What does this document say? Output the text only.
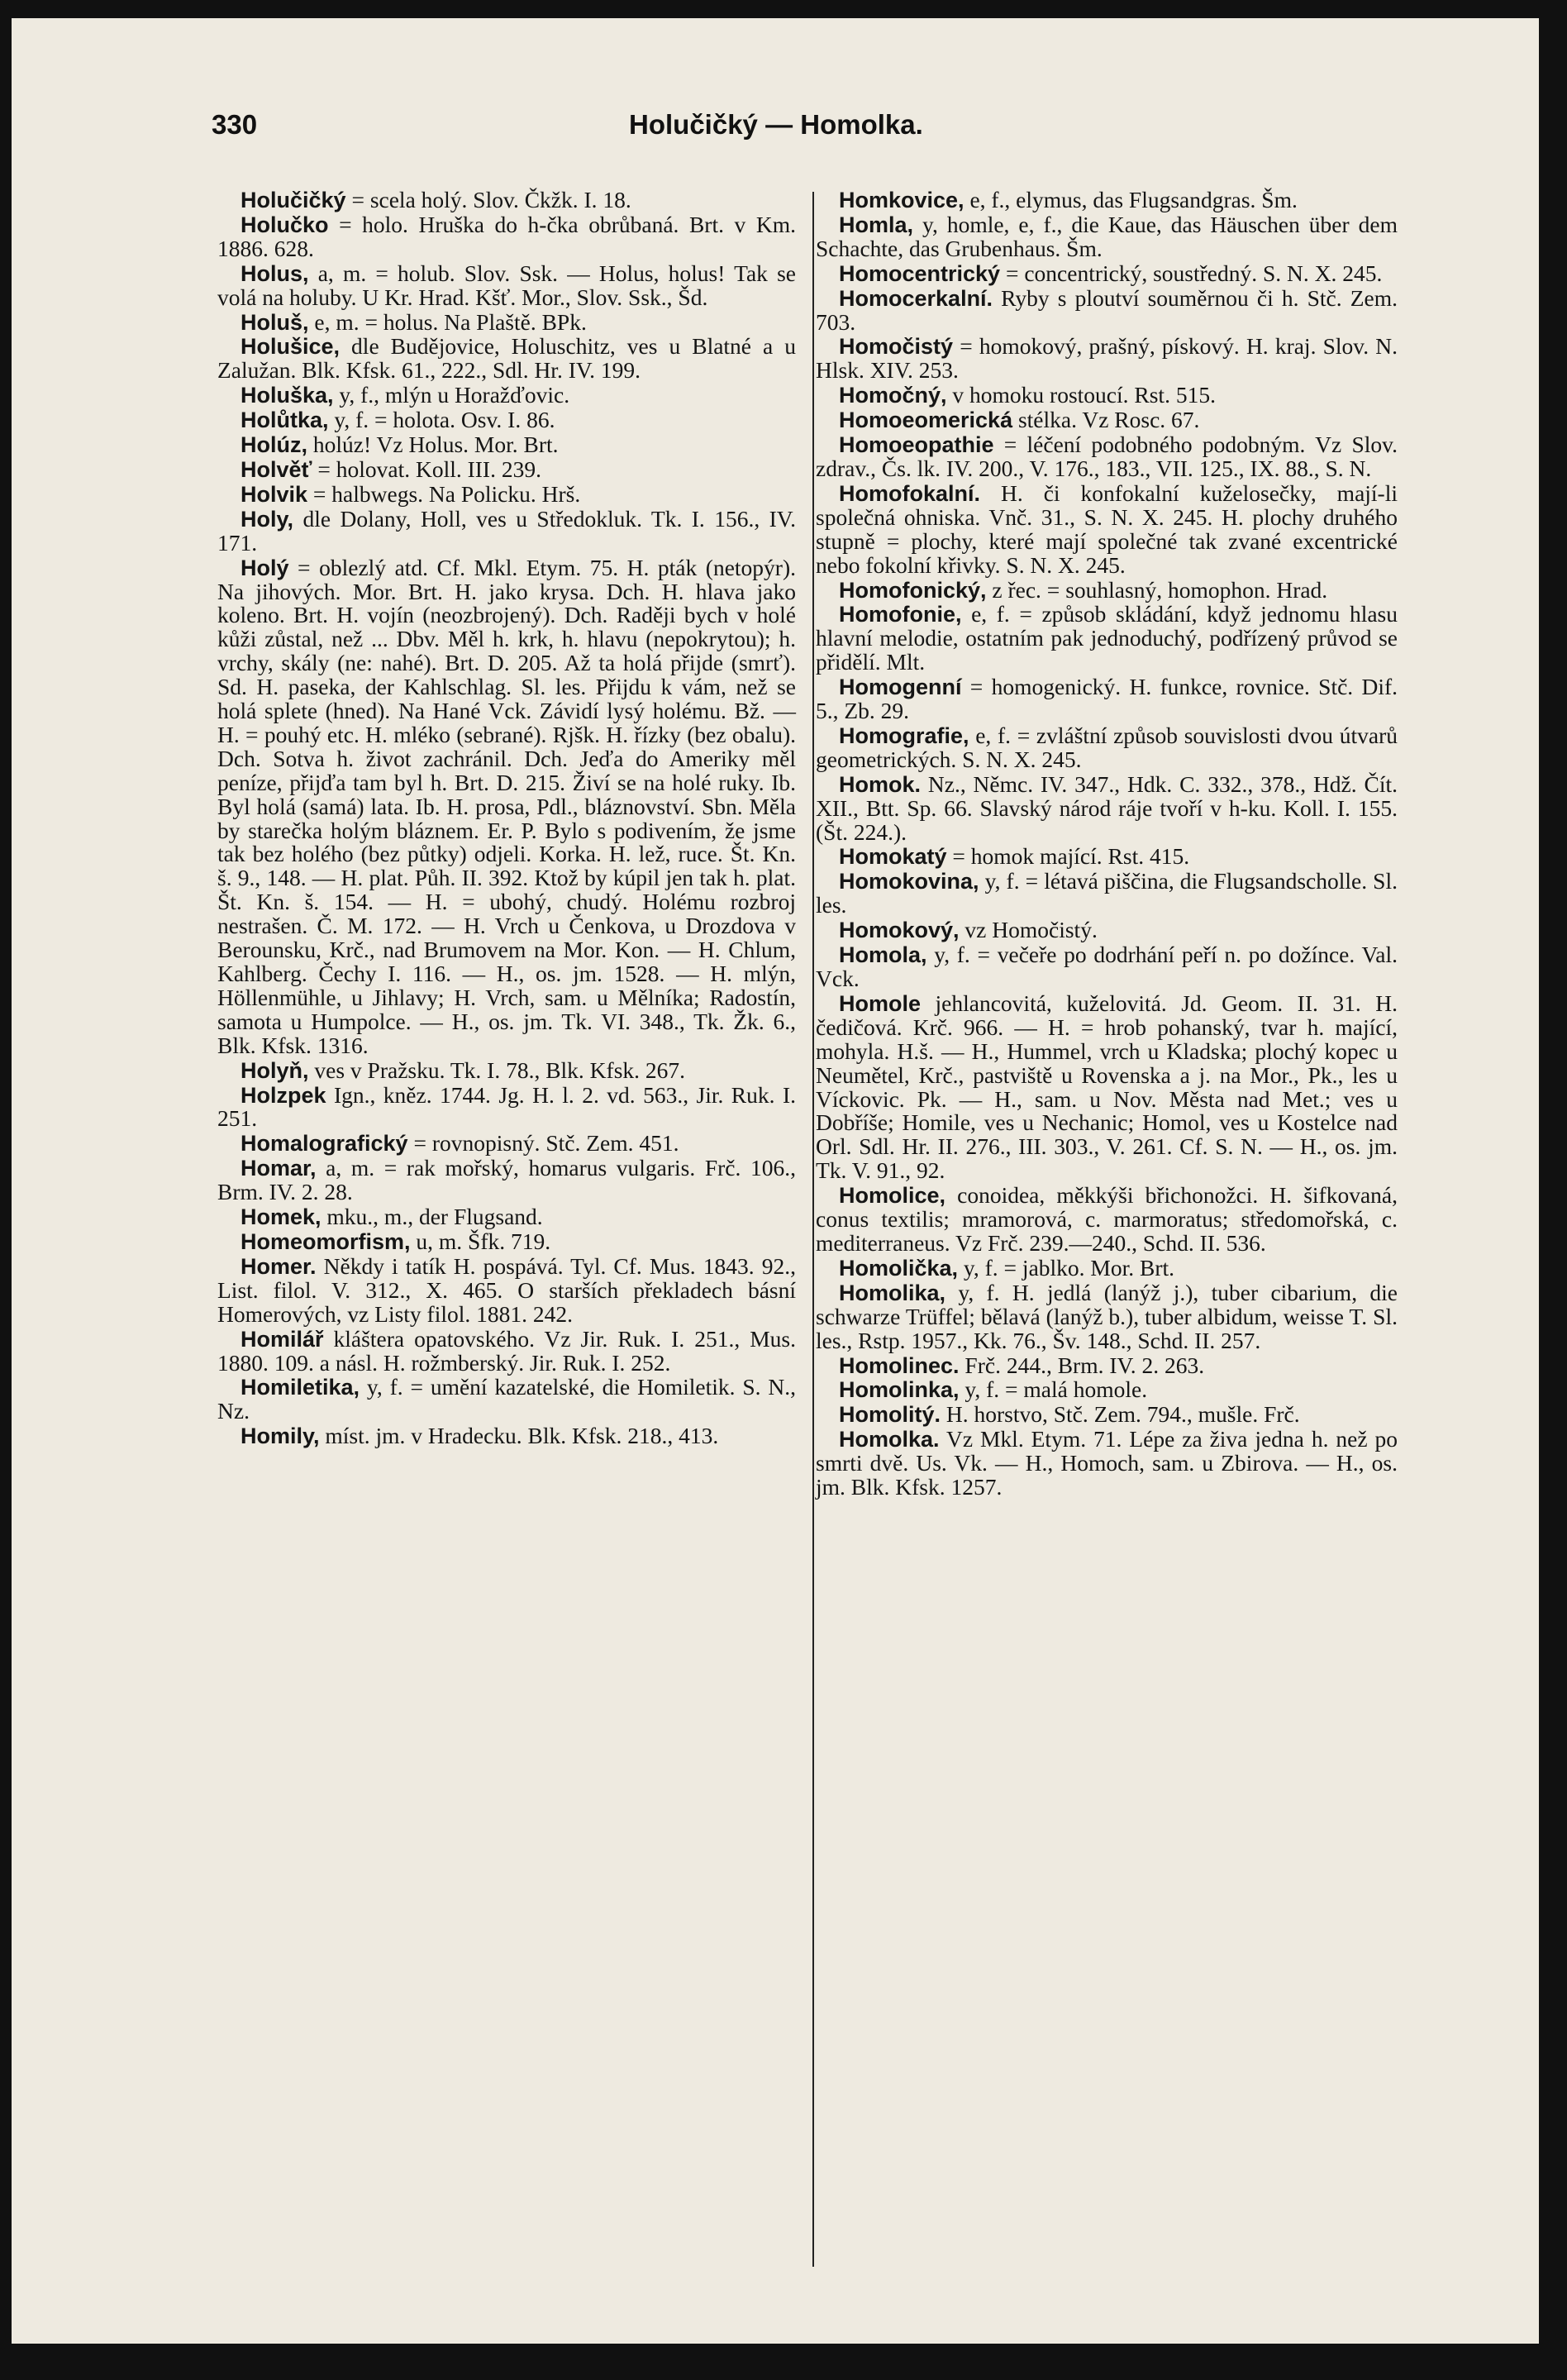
330	Holučičký — Homolka.

Holučičký = scela holý. Slov. Čkžk. I. 18.

Holučko = holo. Hruška do h-čka obrůbaná. Brt. v Km. 1886. 628.

Holus, a, m. = holub. Slov. Ssk. — Holus, holus! Tak se volá na holuby. U Kr. Hrad. Kšť. Mor., Slov. Ssk., Šd.

Holuš, e, m. = holus. Na Plaště. BPk.

Holušice, dle Budějovice, Holuschitz, ves u Blatné a u Zalužan. Blk. Kfsk. 61., 222., Sdl. Hr. IV. 199.

Holuška, y, f., mlýn u Horažďovic.

Holůtka, y, f. = holota. Osv. I. 86.

Holúz, holúz! Vz Holus. Mor. Brt.

Holvěť = holovat. Koll. III. 239.

Holvik = halbwegs. Na Policku. Hrš.

Holy, dle Dolany, Holl, ves u Středokluk. Tk. I. 156., IV. 171.

Holý = oblezlý atd. Cf. Mkl. Etym. 75. H. pták (netopýr). Na jihových. Mor. Brt. H. jako krysa. Dch. H. hlava jako koleno. Brt. H. vojín (neozbrojený). Dch. Raději bych v holé kůži zůstal, než ... Dbv. Měl h. krk, h. hlavu (nepokrytou); h. vrchy, skály (ne: nahé). Brt. D. 205. Až ta holá přijde (smrť). Sd. H. paseka, der Kahlschlag. Sl. les. Přijdu k vám, než se holá splete (hned). Na Hané Vck. Závidí lysý holému. Bž. — H. = pouhý etc. H. mléko (sebrané). Rjšk. H. řízky (bez obalu). Dch. Sotva h. život zachránil. Dch. Jeďa do Ameriky měl peníze, přijďa tam byl h. Brt. D. 215. Živí se na holé ruky. Ib. Byl holá (samá) lata. Ib. H. prosa, Pdl., bláznovství. Sbn. Měla by starečka holým bláznem. Er. P. Bylo s podivením, že jsme tak bez holého (bez půtky) odjeli. Korka. H. lež, ruce. Št. Kn. š. 9., 148. — H. plat. Půh. II. 392. Ktož by kúpil jen tak h. plat. Št. Kn. š. 154. — H. = ubohý, chudý. Holému rozbroj nestrašen. Č. M. 172. — H. Vrch u Čenkova, u Drozdova v Berounsku, Krč., nad Brumovem na Mor. Kon. — H. Chlum, Kahlberg. Čechy I. 116. — H., os. jm. 1528. — H. mlýn, Höllenmühle, u Jihlavy; H. Vrch, sam. u Mělníka; Radostín, samota u Humpolce. — H., os. jm. Tk. VI. 348., Tk. Žk. 6., Blk. Kfsk. 1316.

Holyň, ves v Pražsku. Tk. I. 78., Blk. Kfsk. 267.

Holzpek Ign., kněz. 1744. Jg. H. l. 2. vd. 563., Jir. Ruk. I. 251.

Homalografický = rovnopisný. Stč. Zem. 451.

Homar, a, m. = rak mořský, homarus vulgaris. Frč. 106., Brm. IV. 2. 28.

Homek, mku., m., der Flugsand.

Homeomorfism, u, m. Šfk. 719.

Homer. Někdy i tatík H. pospává. Tyl. Cf. Mus. 1843. 92., List. filol. V. 312., X. 465. O starších překladech básní Homerových, vz Listy filol. 1881. 242.

Homilář kláštera opatovského. Vz Jir. Ruk. I. 251., Mus. 1880. 109. a násl. H. rožmberský. Jir. Ruk. I. 252.

Homiletika, y, f. = umění kazatelské, die Homiletik. S. N., Nz.

Homily, míst. jm. v Hradecku. Blk. Kfsk. 218., 413.

Homkovice, e, f., elymus, das Flugsandgras. Šm.

Homla, y, homle, e, f., die Kaue, das Häuschen über dem Schachte, das Grubenhaus. Šm.

Homocentrický = concentrický, soustředný. S. N. X. 245.

Homocerkalní. Ryby s ploutví souměrnou či h. Stč. Zem. 703.

Homočistý = homokový, prašný, pískový. H. kraj. Slov. N. Hlsk. XIV. 253.

Homočný, v homoku rostoucí. Rst. 515.

Homoeomerická stélka. Vz Rosc. 67.

Homoeopathie = léčení podobného podobným. Vz Slov. zdrav., Čs. lk. IV. 200., V. 176., 183., VII. 125., IX. 88., S. N.

Homofokalní. H. či konfokalní kuželosečky, mají-li společná ohniska. Vnč. 31., S. N. X. 245. H. plochy druhého stupně = plochy, které mají společné tak zvané excentrické nebo fokolní křivky. S. N. X. 245.

Homofonický, z řec. = souhlasný, homophon. Hrad.

Homofonie, e, f. = způsob skládání, když jednomu hlasu hlavní melodie, ostatním pak jednoduchý, podřízený průvod se přidělí. Mlt.

Homogenní = homogenický. H. funkce, rovnice. Stč. Dif. 5., Zb. 29.

Homografie, e, f. = zvláštní způsob souvislosti dvou útvarů geometrických. S. N. X. 245.

Homok. Nz., Němc. IV. 347., Hdk. C. 332., 378., Hdž. Čít. XII., Btt. Sp. 66. Slavský národ ráje tvoří v h-ku. Koll. I. 155. (Št. 224.).

Homokatý = homok mající. Rst. 415.

Homokovina, y, f. = létavá piščina, die Flugsandscholle. Sl. les.

Homokový, vz Homočistý.

Homola, y, f. = večeře po dodrhání peří n. po dožínce. Val. Vck.

Homole jehlancovitá, kuželovitá. Jd. Geom. II. 31. H. čedičová. Krč. 966. — H. = hrob pohanský, tvar h. mající, mohyla. H.š. — H., Hummel, vrch u Kladska; plochý kopec u Neumětel, Krč., pastviště u Rovenska a j. na Mor., Pk., les u Víckovic. Pk. — H., sam. u Nov. Města nad Met.; ves u Dobříše; Homile, ves u Nechanic; Homol, ves u Kostelce nad Orl. Sdl. Hr. II. 276., III. 303., V. 261. Cf. S. N. — H., os. jm. Tk. V. 91., 92.

Homolice, conoidea, měkkýši břichonožci. H. šifkovaná, conus textilis; mramorová, c. marmoratus; středomořská, c. mediterraneus. Vz Frč. 239.—240., Schd. II. 536.

Homolička, y, f. = jablko. Mor. Brt.

Homolika, y, f. H. jedlá (lanýž j.), tuber cibarium, die schwarze Trüffel; bělavá (lanýž b.), tuber albidum, weisse T. Sl. les., Rstp. 1957., Kk. 76., Šv. 148., Schd. II. 257.

Homolinec. Frč. 244., Brm. IV. 2. 263.

Homolinka, y, f. = malá homole.

Homolitý. H. horstvo, Stč. Zem. 794., mušle. Frč.

Homolka. Vz Mkl. Etym. 71. Lépe za živa jedna h. než po smrti dvě. Us. Vk. — H., Homoch, sam. u Zbirova. — H., os. jm. Blk. Kfsk. 1257.
